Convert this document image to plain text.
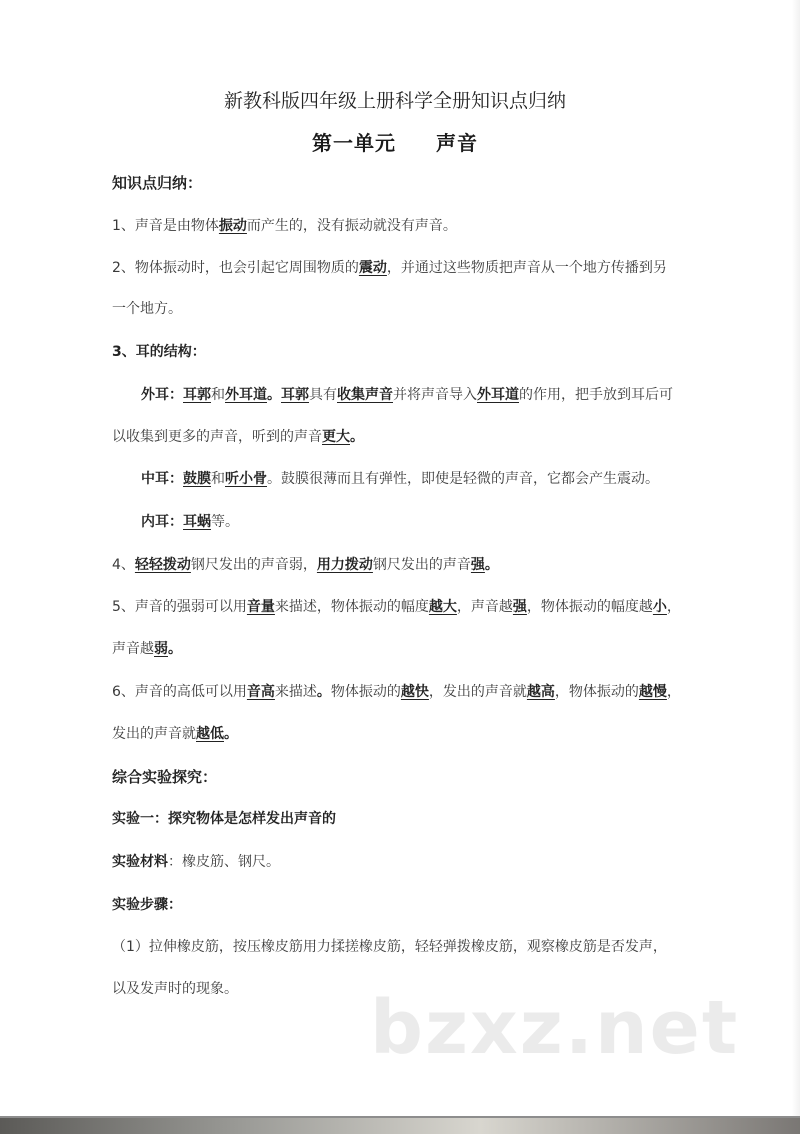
新教科版四年级上册科学全册知识点归纳
第一单元 声音
知识点归纳：
1、声音是由物体振动而产生的，没有振动就没有声音。
2、物体振动时，也会引起它周围物质的震动，并通过这些物质把声音从一个地方传播到另
一个地方。
3、耳的结构：
外耳：耳郭和外耳道。耳郭具有收集声音并将声音导入外耳道的作用，把手放到耳后可
以收集到更多的声音，听到的声音更大。
中耳：鼓膜和听小骨。鼓膜很薄而且有弹性，即使是轻微的声音，它都会产生震动。
内耳：耳蜗等。
4、轻轻拨动钢尺发出的声音弱，用力拨动钢尺发出的声音强。
5、声音的强弱可以用音量来描述，物体振动的幅度越大，声音越强，物体振动的幅度越小，
声音越弱。
6、声音的高低可以用音高来描述。物体振动的越快，发出的声音就越高，物体振动的越慢，
发出的声音就越低。
综合实验探究：
实验一：探究物体是怎样发出声音的
实验材料：橡皮筋、钢尺。
实验步骤：
（1）拉伸橡皮筋，按压橡皮筋用力揉搓橡皮筋，轻轻弹拨橡皮筋，观察橡皮筋是否发声，
以及发声时的现象。 bzxz.net
